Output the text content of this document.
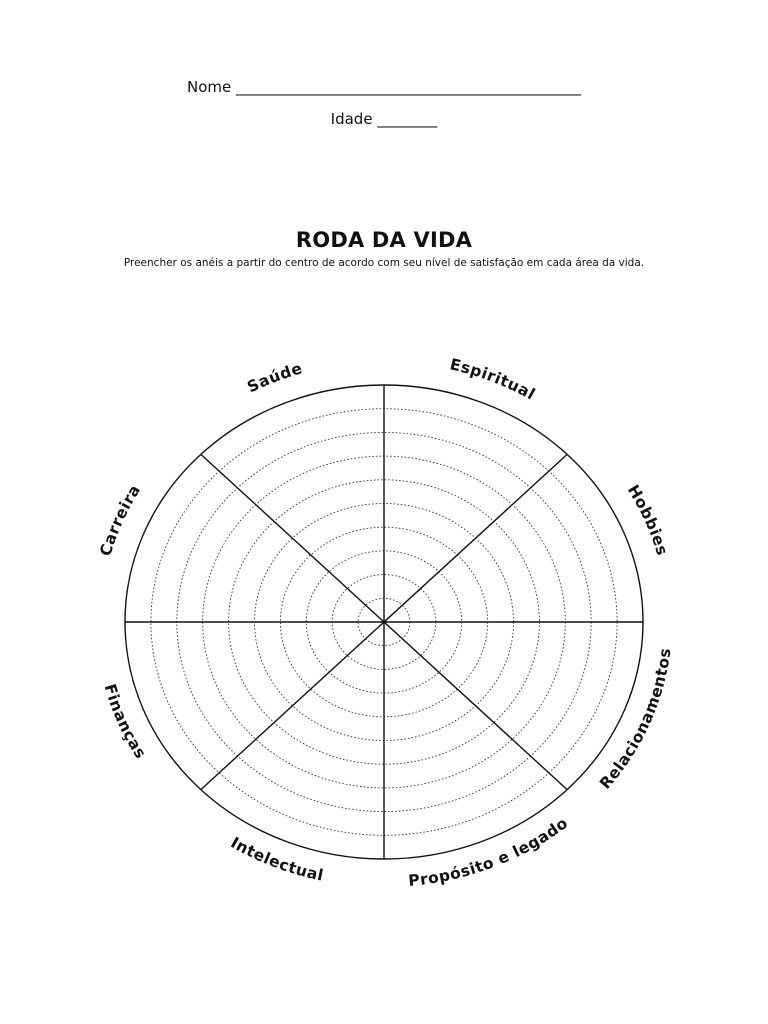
Nome ______________________________________________
Idade ________
RODA DA VIDA
Preencher os anéis a partir do centro de acordo com seu nível de satisfação em cada área da vida.
Espiritual
Hobbies
Relacionamentos
Propósito e legado
Intelectual
Finanças
Carreira
Saúde
